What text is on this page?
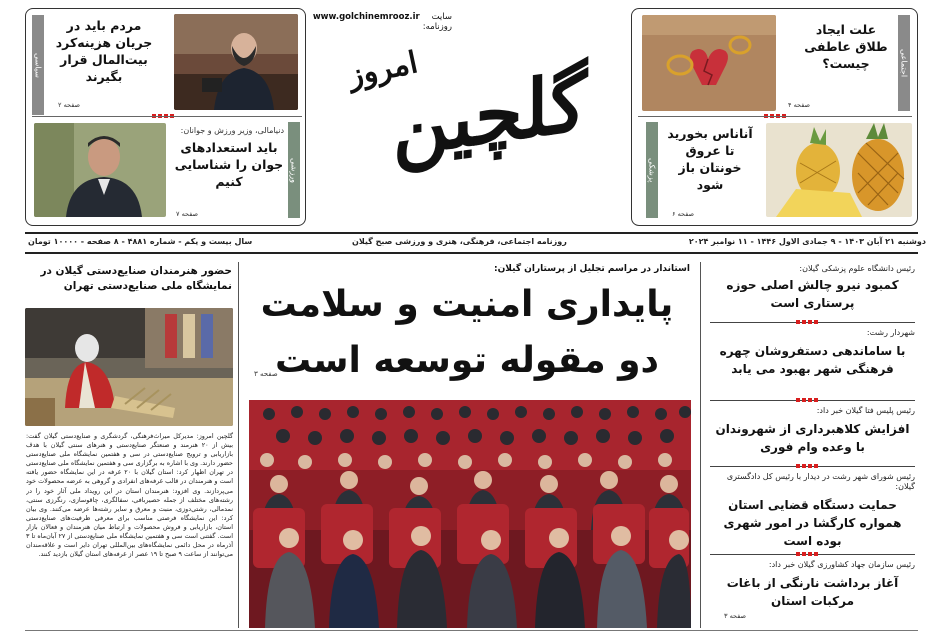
سیاسی
مردم باید در جریان هزینه‌کرد بیت‌المال قرار بگیرند
صفحه ۲
ورزشی
دنیامالی، وزیر ورزش و جوانان:
باید استعدادهای جوان را شناسایی کنیم
صفحه ۷
سایت روزنامه:
www.golchinemrooz.ir
امروز
گلچین	اجتماعی
علت ایجاد طلاق عاطفی چیست؟
صفحه ۴
پزشکی
آناناس بخورید تا عروق خونتان باز شود
صفحه ۶
دوشنبه ۲۱ آبان ۱۴۰۳ - ۹ جمادی الاول ۱۴۴۶ - ۱۱ نوامبر ۲۰۲۴
روزنامه اجتماعی، فرهنگی، هنری و ورزشی صبح گیلان
سال بیست و یکم - شماره ۴۸۸۱ - ۸ صفحه - ۱۰۰۰۰ تومان
رئیس دانشگاه علوم پزشکی گیلان:
کمبود نیرو چالش اصلی حوزه پرستاری است
شهردار رشت:
با ساماندهی دستفروشان چهره فرهنگی شهر بهبود می یابد
رئیس پلیس فتا گیلان خبر داد:
افزایش کلاهبرداری از شهروندان با وعده وام فوری
رئیس شورای شهر رشت در دیدار با رئیس کل دادگستری گیلان:
حمایت دستگاه قضایی استان همواره کارگشا در امور شهری بوده است
رئیس سازمان جهاد کشاورزی گیلان خبر داد:
آغاز برداشت نارنگی از باغات مرکبات استان
صفحه ۳
استاندار در مراسم تجلیل از پرستاران گیلان:
پایداری امنیت و سلامت
دو مقوله توسعه است
صفحه ۳
حضور هنرمندان صنایع‌دستی گیلان در نمایشگاه ملی صنایع‌دستی تهران
گلچین امروز: مدیرکل میراث‌فرهنگی، گردشگری و صنایع‌دستی گیلان گفت: بیش از ۲۰ هنرمند و صنعتگر صنایع‌دستی و هنرهای سنتی گیلان با هدف بازاریابی و ترویج صنایع‌دستی در سی و هفتمین نمایشگاه ملی صنایع‌دستی حضور دارند. وی با اشاره به برگزاری سی و هفتمین نمایشگاه ملی صنایع‌دستی در تهران اظهار کرد: استان گیلان با ۲۰ غرفه در این نمایشگاه حضور یافته است و هنرمندان در قالب غرفه‌های انفرادی و گروهی به عرضه محصولات خود می‌پردازند. وی افزود: هنرمندان استان در این رویداد ملی آثار خود را در رشته‌های مختلف از جمله حصیربافی، سفالگری، چاقوسازی، رنگرزی سنتی، نمدمالی، رشتی‌دوزی، منبت و معرق و سایر رشته‌ها عرضه می‌کنند. وی بیان کرد: این نمایشگاه فرصتی مناسب برای معرفی ظرفیت‌های صنایع‌دستی استان، بازاریابی و فروش محصولات و ارتباط میان هنرمندان و فعالان بازار است. گفتنی است سی و هفتمین نمایشگاه ملی صنایع‌دستی از ۲۷ آبان‌ماه تا ۳ آذرماه در محل دائمی نمایشگاه‌های بین‌المللی تهران دایر است و علاقه‌مندان می‌توانند از ساعت ۹ صبح تا ۱۹ عصر از غرفه‌های استان گیلان بازدید کنند.
